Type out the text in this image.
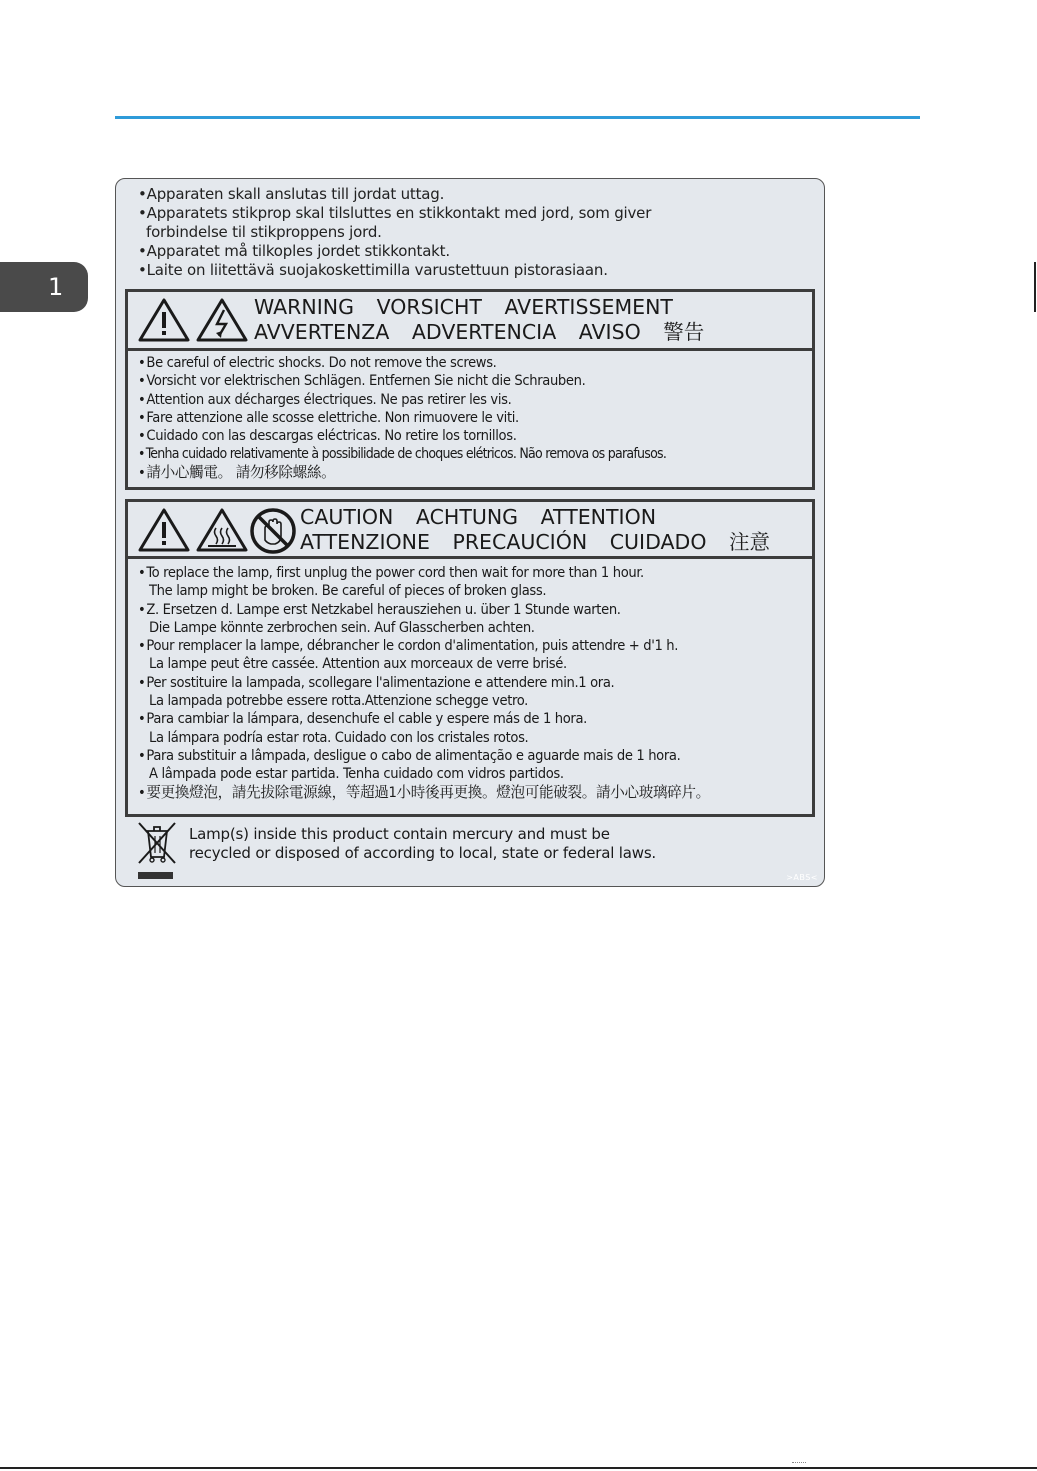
1
•Apparaten skall anslutas till jordat uttag.
•Apparatets stikprop skal tilsluttes en stikkontakt med jord, som giver
forbindelse til stikproppens jord.
•Apparatet må tilkoples jordet stikkontakt.
•Laite on liitettävä suojakoskettimilla varustettuun pistorasiaan.
WARNING VORSICHT AVERTISSEMENT
AVVERTENZA ADVERTENCIA AVISO 警告
• Be careful of electric shocks. Do not remove the screws.
• Vorsicht vor elektrischen Schlägen. Entfernen Sie nicht die Schrauben.
• Attention aux décharges électriques. Ne pas retirer les vis.
• Fare attenzione alle scosse elettriche. Non rimuovere le viti.
• Cuidado con las descargas eléctricas. No retire los tornillos.
• Tenha cuidado relativamente à possibilidade de choques elétricos. Não remova os parafusos.
• 請小心觸電。 請勿移除螺絲。
CAUTION ACHTUNG ATTENTION
ATTENZIONE PRECAUCIÓN CUIDADO 注意
• To replace the lamp, first unplug the power cord then wait for more than 1 hour.
The lamp might be broken. Be careful of pieces of broken glass.
• Z. Ersetzen d. Lampe erst Netzkabel herausziehen u. über 1 Stunde warten.
Die Lampe könnte zerbrochen sein. Auf Glasscherben achten.
• Pour remplacer la lampe, débrancher le cordon d'alimentation, puis attendre + d'1 h.
La lampe peut être cassée. Attention aux morceaux de verre brisé.
• Per sostituire la lampada, scollegare l'alimentazione e attendere min.1 ora.
La lampada potrebbe essere rotta.Attenzione schegge vetro.
• Para cambiar la lámpara, desenchufe el cable y espere más de 1 hora.
La lámpara podría estar rota. Cuidado con los cristales rotos.
• Para substituir a lâmpada, desligue o cabo de alimentação e aguarde mais de 1 hora.
A lâmpada pode estar partida. Tenha cuidado com vidros partidos.
• 要更換燈泡，請先拔除電源線，等超過1小時後再更換。燈泡可能破裂。請小心玻璃碎片。
Lamp(s) inside this product contain mercury and must be
recycled or disposed of according to local, state or federal laws.
>ABS<
